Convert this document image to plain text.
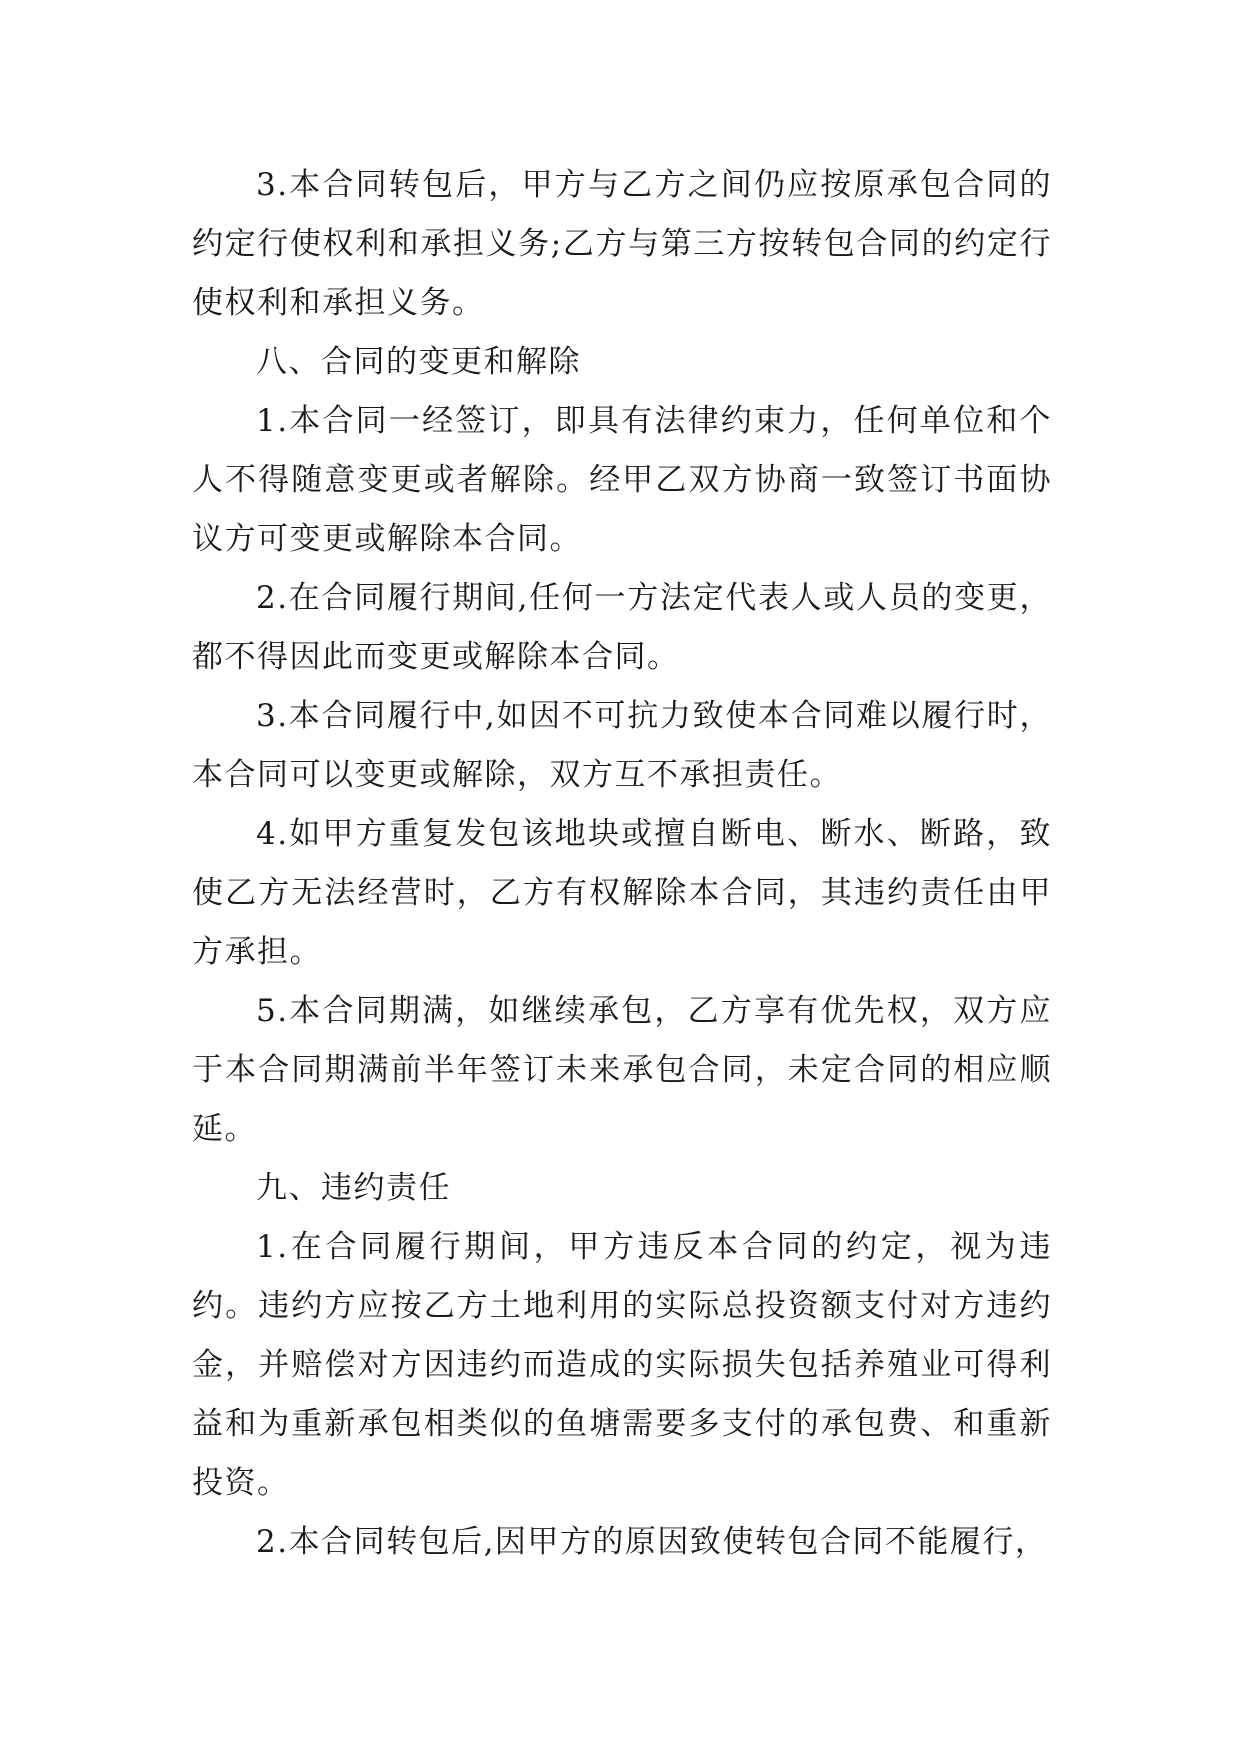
3.本合同转包后，甲方与乙方之间仍应按原承包合同的约定行使权利和承担义务;乙方与第三方按转包合同的约定行使权利和承担义务。

八、合同的变更和解除

1.本合同一经签订，即具有法律约束力，任何单位和个人不得随意变更或者解除。经甲乙双方协商一致签订书面协议方可变更或解除本合同。

2.在合同履行期间,任何一方法定代表人或人员的变更，都不得因此而变更或解除本合同。

3.本合同履行中,如因不可抗力致使本合同难以履行时，本合同可以变更或解除，双方互不承担责任。

4.如甲方重复发包该地块或擅自断电、断水、断路，致使乙方无法经营时，乙方有权解除本合同，其违约责任由甲方承担。

5.本合同期满，如继续承包，乙方享有优先权，双方应于本合同期满前半年签订未来承包合同，未定合同的相应顺延。

九、违约责任

1.在合同履行期间，甲方违反本合同的约定，视为违约。违约方应按乙方土地利用的实际总投资额支付对方违约金，并赔偿对方因违约而造成的实际损失包括养殖业可得利益和为重新承包相类似的鱼塘需要多支付的承包费、和重新投资。

2.本合同转包后,因甲方的原因致使转包合同不能履行，
